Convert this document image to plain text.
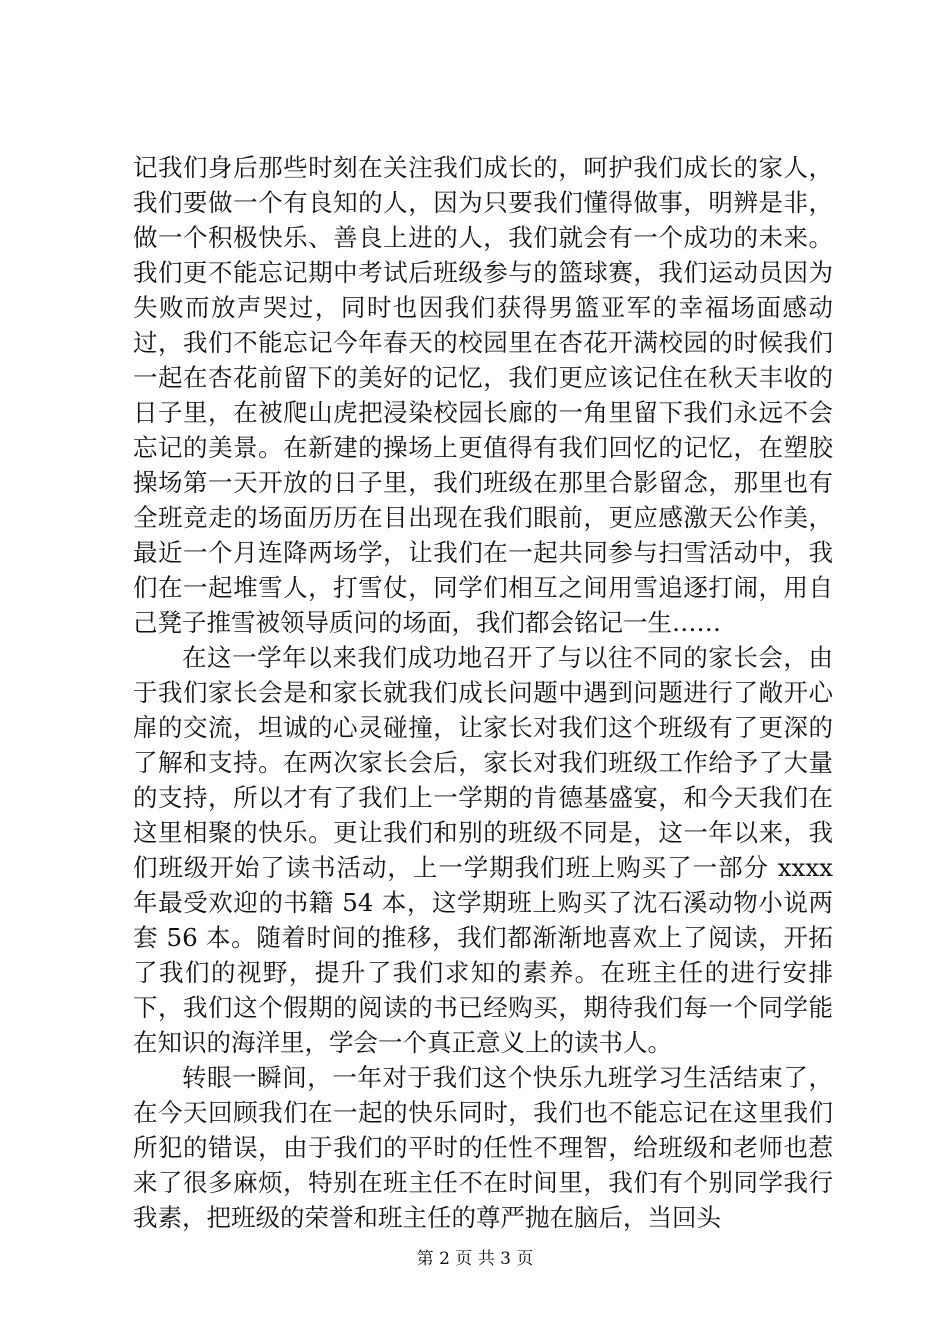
记我们身后那些时刻在关注我们成长的，呵护我们成长的家人，我们要做一个有良知的人，因为只要我们懂得做事，明辨是非，做一个积极快乐、善良上进的人，我们就会有一个成功的未来。我们更不能忘记期中考试后班级参与的篮球赛，我们运动员因为失败而放声哭过，同时也因我们获得男篮亚军的幸福场面感动过，我们不能忘记今年春天的校园里在杏花开满校园的时候我们一起在杏花前留下的美好的记忆，我们更应该记住在秋天丰收的日子里，在被爬山虎把浸染校园长廊的一角里留下我们永远不会忘记的美景。在新建的操场上更值得有我们回忆的记忆，在塑胶操场第一天开放的日子里，我们班级在那里合影留念，那里也有全班竞走的场面历历在目出现在我们眼前，更应感激天公作美，最近一个月连降两场学，让我们在一起共同参与扫雪活动中，我们在一起堆雪人，打雪仗，同学们相互之间用雪追逐打闹，用自己凳子推雪被领导质问的场面，我们都会铭记一生……

在这一学年以来我们成功地召开了与以往不同的家长会，由于我们家长会是和家长就我们成长问题中遇到问题进行了敞开心扉的交流，坦诚的心灵碰撞，让家长对我们这个班级有了更深的了解和支持。在两次家长会后，家长对我们班级工作给予了大量的支持，所以才有了我们上一学期的肯德基盛宴，和今天我们在这里相聚的快乐。更让我们和别的班级不同是，这一年以来，我们班级开始了读书活动，上一学期我们班上购买了一部分 xxxx 年最受欢迎的书籍 54 本，这学期班上购买了沈石溪动物小说两套 56 本。随着时间的推移，我们都渐渐地喜欢上了阅读，开拓了我们的视野，提升了我们求知的素养。在班主任的进行安排下，我们这个假期的阅读的书已经购买，期待我们每一个同学能在知识的海洋里，学会一个真正意义上的读书人。

转眼一瞬间，一年对于我们这个快乐九班学习生活结束了，在今天回顾我们在一起的快乐同时，我们也不能忘记在这里我们所犯的错误，由于我们的平时的任性不理智，给班级和老师也惹来了很多麻烦，特别在班主任不在时间里，我们有个别同学我行我素，把班级的荣誉和班主任的尊严抛在脑后，当回头

第 2 页 共 3 页
